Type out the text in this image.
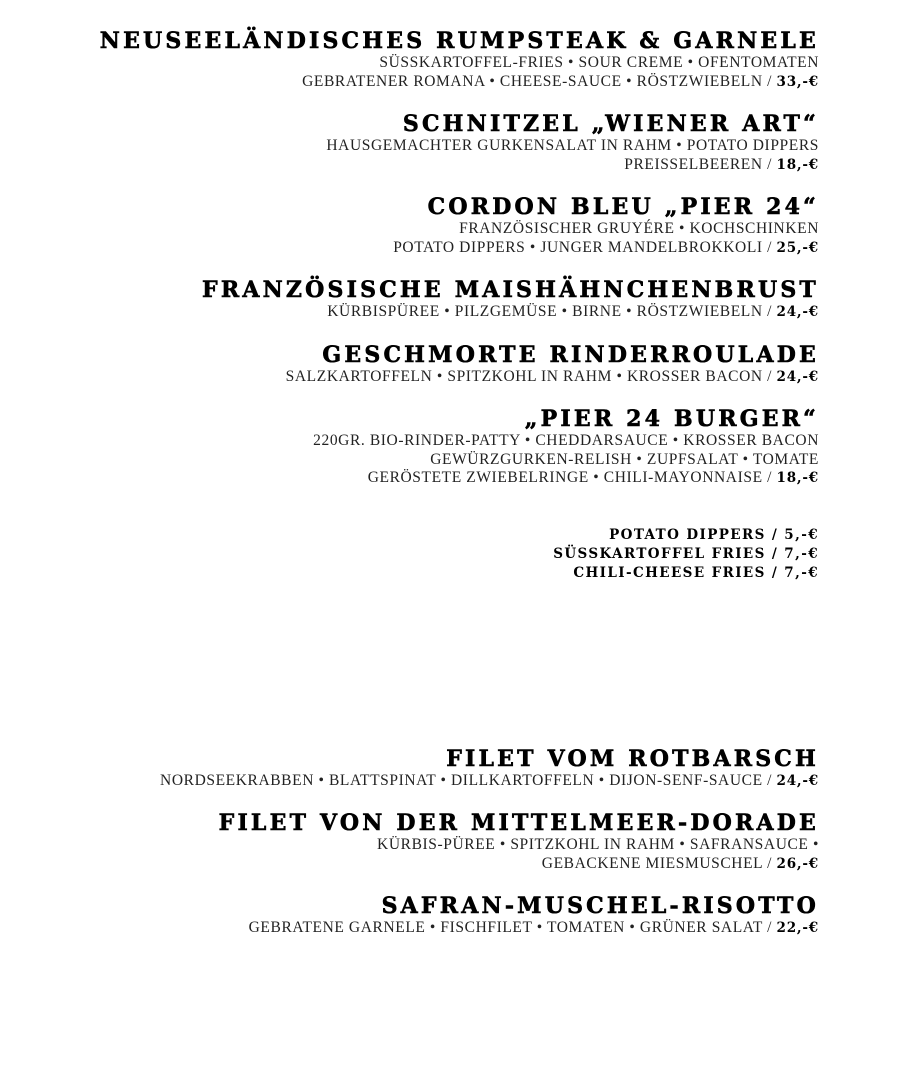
NEUSEELÄNDISCHES RUMPSTEAK & GARNELE
SÜSSKARTOFFEL-FRIES • SOUR CREME • OFENTOMATEN
GEBRATENER ROMANA • CHEESE-SAUCE • RÖSTZWIEBELN / 33,-€
SCHNITZEL „WIENER ART“
HAUSGEMACHTER GURKENSALAT IN RAHM • POTATO DIPPERS
PREISSELBEEREN / 18,-€
CORDON BLEU „PIER 24“
FRANZÖSISCHER GRUYÉRE • KOCHSCHINKEN
POTATO DIPPERS • JUNGER MANDELBROKKOLI / 25,-€
FRANZÖSISCHE MAISHÄHNCHENBRUST
KÜRBISPÜREE • PILZGEMÜSE • BIRNE • RÖSTZWIEBELN / 24,-€
GESCHMORTE RINDERROULADE
SALZKARTOFFELN • SPITZKOHL IN RAHM • KROSSER BACON / 24,-€
„PIER 24 BURGER“
220GR. BIO-RINDER-PATTY • CHEDDARSAUCE • KROSSER BACON
GEWÜRZGURKEN-RELISH • ZUPFSALAT • TOMATE
GERÖSTETE ZWIEBELRINGE • CHILI-MAYONNAISE / 18,-€
POTATO DIPPERS / 5,-€
SÜSSKARTOFFEL FRIES / 7,-€
CHILI-CHEESE FRIES / 7,-€
FILET VOM ROTBARSCH
NORDSEEKRABBEN • BLATTSPINAT • DILLKARTOFFELN • DIJON-SENF-SAUCE / 24,-€
FILET VON DER MITTELMEER-DORADE
KÜRBIS-PÜREE • SPITZKOHL IN RAHM • SAFRANSAUCE •
GEBACKENE MIESMUSCHEL / 26,-€
SAFRAN-MUSCHEL-RISOTTO
GEBRATENE GARNELE • FISCHFILET • TOMATEN • GRÜNER SALAT / 22,-€
